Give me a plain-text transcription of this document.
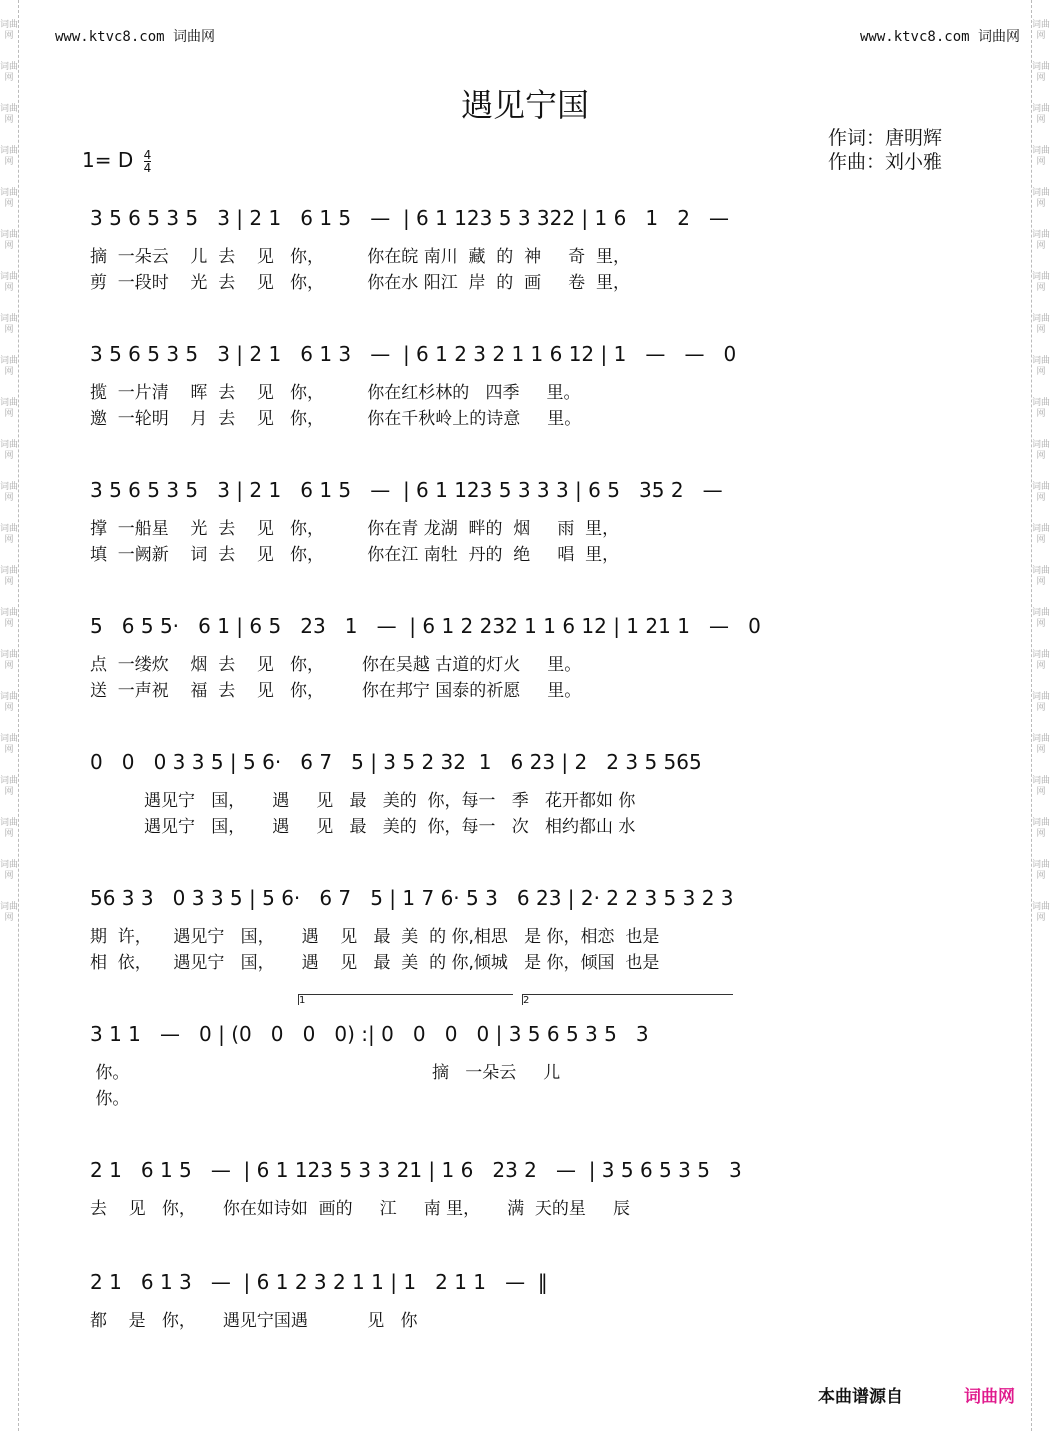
词曲网
词曲网
词曲网
词曲网
词曲网
词曲网
词曲网
词曲网
词曲网
词曲网
词曲网
词曲网
词曲网
词曲网
词曲网
词曲网
词曲网
词曲网
词曲网
词曲网
词曲网
词曲网
词曲网
词曲网
词曲网
词曲网
词曲网
词曲网
词曲网
词曲网
词曲网
词曲网
词曲网
词曲网
词曲网
词曲网
词曲网
词曲网
词曲网
词曲网
词曲网
词曲网
词曲网
词曲网
www.ktvc8.com 词曲网	www.ktvc8.com 词曲网
遇见宁国
1= D $\frac{4}{4}$
作词：唐明辉
作曲：刘小雅
3 5 6 5 3 5   3 | 2 1   6 1 5   —  | 6 1 123 5 3 322 | 1 6   1   2   —
摘  一朵云    儿  去    见   你，        你在皖 南川  藏  的  神     奇  里，
剪  一段时    光  去    见   你，        你在水 阳江  岸  的  画     卷  里，
3 5 6 5 3 5   3 | 2 1   6 1 3   —  | 6 1 2 3 2 1 1 6 12 | 1   —   —   0
揽  一片清    晖  去    见   你，        你在红杉林的   四季     里。
邀  一轮明    月  去    见   你，        你在千秋岭上的诗意     里。
3 5 6 5 3 5   3 | 2 1   6 1 5   —  | 6 1 123 5 3 3 3 | 6 5   35 2   —
撑  一船星    光  去    见   你，        你在青 龙湖  畔的  烟     雨  里，
填  一阙新    词  去    见   你，        你在江 南牡  丹的  绝     唱  里，
5   6 5 5·   6 1 | 6 5   23   1   —  | 6 1 2 232 1 1 6 12 | 1 21 1   —   0
点  一缕炊    烟  去    见   你，       你在吴越 古道的灯火     里。
送  一声祝    福  去    见   你，       你在邦宁 国泰的祈愿     里。
0   0   0 3 3 5 | 5 6·   6 7   5 | 3 5 2 32  1   6 23 | 2   2 3 5 565
遇见宁   国，     遇     见   最   美的  你，每一   季   花开都如 你
遇见宁   国，     遇     见   最   美的  你，每一   次   相约都山 水
56 3 3   0 3 3 5 | 5 6·   6 7   5 | 1 7 6· 5 3   6 23 | 2· 2 2 3 5 3 2 3
期  许，    遇见宁   国，     遇    见   最  美  的 你,相思   是 你，相恋  也是
相  依，    遇见宁   国，     遇    见   最  美  的 你,倾城   是 你，倾国  也是
1	2
3 1 1   —   0 | (0   0   0   0) :| 0   0   0   0 | 3 5 6 5 3 5   3
你。                                                        摘   一朵云     儿
你。
2 1   6 1 5   —  | 6 1 123 5 3 3 21 | 1 6   23 2   —  | 3 5 6 5 3 5   3
去    见   你，     你在如诗如  画的     江     南 里，     满  天的星     辰
2 1   6 1 3   —  | 6 1 2 3 2 1 1 | 1   2 1 1   —  ‖
都    是   你，     遇见宁国遇           见   你
本曲谱源自	词曲网
